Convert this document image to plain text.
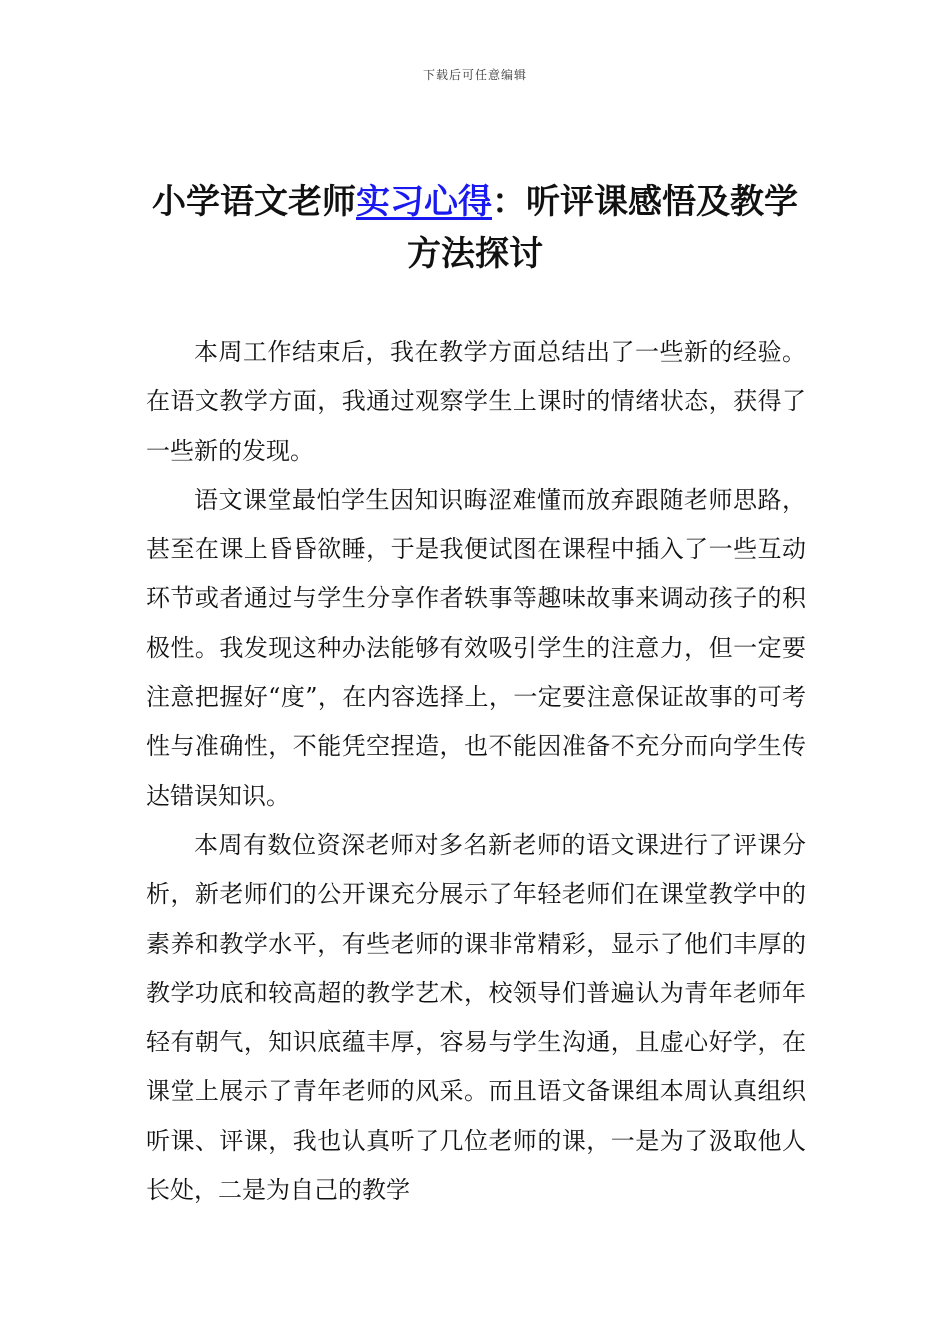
下载后可任意编辑
小学语文老师实习心得：听评课感悟及教学方法探讨

本周工作结束后，我在教学方面总结出了一些新的经验。在语文教学方面，我通过观察学生上课时的情绪状态，获得了一些新的发现。

语文课堂最怕学生因知识晦涩难懂而放弃跟随老师思路，甚至在课上昏昏欲睡，于是我便试图在课程中插入了一些互动环节或者通过与学生分享作者轶事等趣味故事来调动孩子的积极性。我发现这种办法能够有效吸引学生的注意力，但一定要注意把握好“度”，在内容选择上，一定要注意保证故事的可考性与准确性，不能凭空捏造，也不能因准备不充分而向学生传达错误知识。

本周有数位资深老师对多名新老师的语文课进行了评课分析，新老师们的公开课充分展示了年轻老师们在课堂教学中的素养和教学水平，有些老师的课非常精彩，显示了他们丰厚的教学功底和较高超的教学艺术，校领导们普遍认为青年老师年轻有朝气，知识底蕴丰厚，容易与学生沟通，且虚心好学，在课堂上展示了青年老师的风采。而且语文备课组本周认真组织听课、评课，我也认真听了几位老师的课，一是为了汲取他人长处，二是为自己的教学
